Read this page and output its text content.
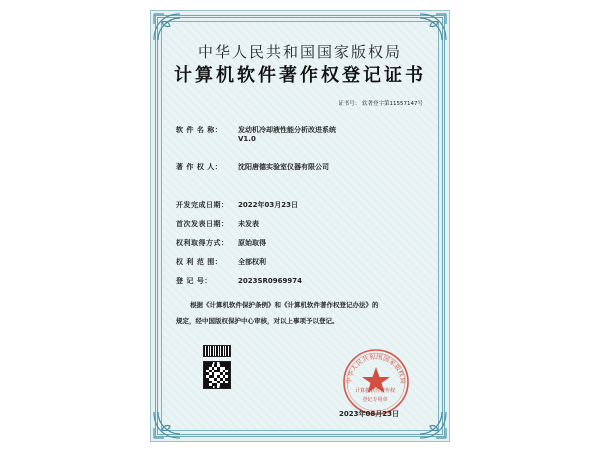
中华人民共和国国家版权局
计算机软件著作权登记证书
证书号： 软著登字第11557147号
软 件 名 称： 发动机冷却液性能分析改进系统
V1.0
著 作 权 人： 沈阳唐德实验室仪器有限公司
开发完成日期： 2022年03月23日
首次发表日期： 未发表
权利取得方式： 原始取得
权 利 范 围： 全部权利
登 记 号：	2023SR0969974
根据《计算机软件保护条例》和《计算机软件著作权登记办法》的
规定，经中国版权保护中心审核，对以上事项予以登记。
中华人民共和国国家版权局
计算机软件著作权
2023年08月23日
登记专用章
